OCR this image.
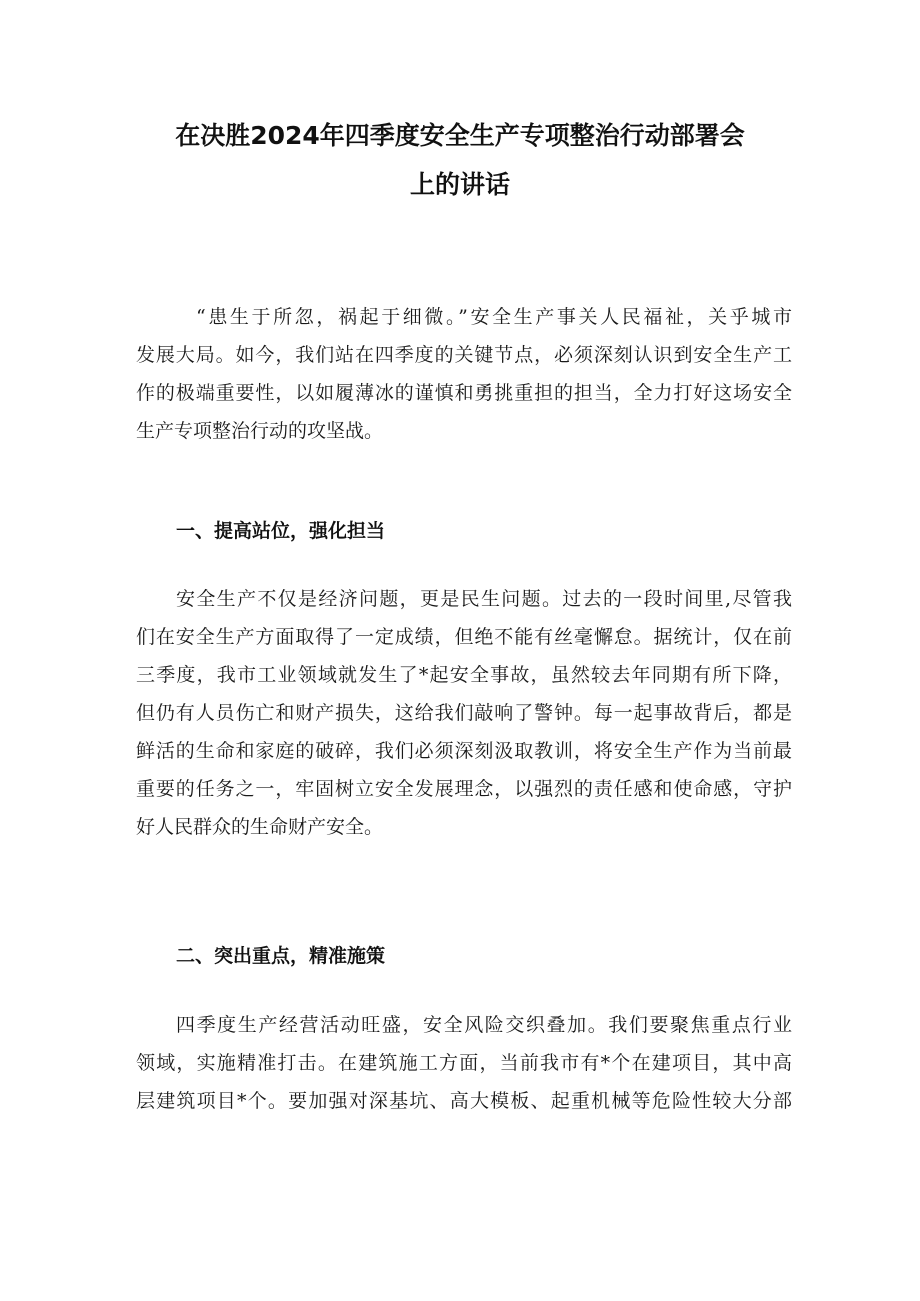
在决胜2024年四季度安全生产专项整治行动部署会
上的讲话
“患生于所忽，祸起于细微。”安全生产事关人民福祉，关乎城市
发展大局。如今，我们站在四季度的关键节点，必须深刻认识到安全生产工
作的极端重要性，以如履薄冰的谨慎和勇挑重担的担当，全力打好这场安全
生产专项整治行动的攻坚战。
一、提高站位，强化担当
安全生产不仅是经济问题，更是民生问题。过去的一段时间里,尽管我
们在安全生产方面取得了一定成绩，但绝不能有丝毫懈怠。据统计，仅在前
三季度，我市工业领域就发生了*起安全事故，虽然较去年同期有所下降，
但仍有人员伤亡和财产损失，这给我们敲响了警钟。每一起事故背后，都是
鲜活的生命和家庭的破碎，我们必须深刻汲取教训，将安全生产作为当前最
重要的任务之一，牢固树立安全发展理念，以强烈的责任感和使命感，守护
好人民群众的生命财产安全。
二、突出重点，精准施策
四季度生产经营活动旺盛，安全风险交织叠加。我们要聚焦重点行业
领域，实施精准打击。在建筑施工方面，当前我市有*个在建项目，其中高
层建筑项目*个。要加强对深基坑、高大模板、起重机械等危险性较大分部
